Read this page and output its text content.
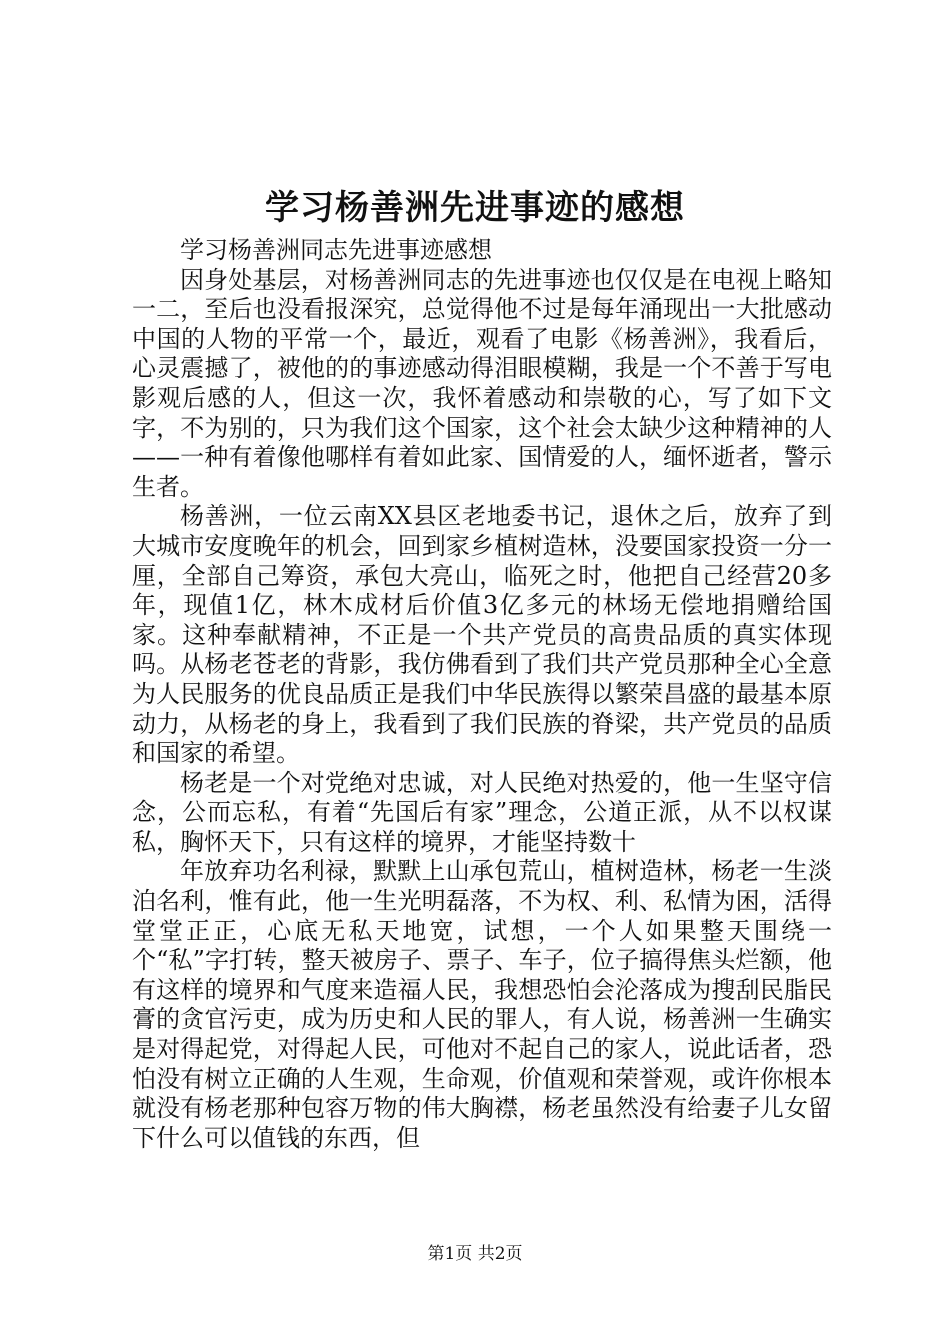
学习杨善洲先进事迹的感想

学习杨善洲同志先进事迹感想

因身处基层，对杨善洲同志的先进事迹也仅仅是在电视上略知一二，至后也没看报深究，总觉得他不过是每年涌现出一大批感动中国的人物的平常一个，最近，观看了电影《杨善洲》，我看后，心灵震撼了，被他的的事迹感动得泪眼模糊，我是一个不善于写电影观后感的人，但这一次，我怀着感动和崇敬的心，写了如下文字，不为别的，只为我们这个国家，这个社会太缺少这种精神的人——一种有着像他哪样有着如此家、国情爱的人，缅怀逝者，警示生者。

杨善洲，一位云南XX县区老地委书记，退休之后，放弃了到大城市安度晚年的机会，回到家乡植树造林，没要国家投资一分一厘，全部自己筹资，承包大亮山，临死之时，他把自己经营20多年，现值1亿，林木成材后价值3亿多元的林场无偿地捐赠给国家。这种奉献精神，不正是一个共产党员的高贵品质的真实体现吗。从杨老苍老的背影，我仿佛看到了我们共产党员那种全心全意为人民服务的优良品质正是我们中华民族得以繁荣昌盛的最基本原动力，从杨老的身上，我看到了我们民族的脊梁，共产党员的品质和国家的希望。

杨老是一个对党绝对忠诚，对人民绝对热爱的，他一生坚守信念，公而忘私，有着“先国后有家”理念，公道正派，从不以权谋私，胸怀天下，只有这样的境界，才能坚持数十

年放弃功名利禄，默默上山承包荒山，植树造林，杨老一生淡泊名利，惟有此，他一生光明磊落，不为权、利、私情为困，活得堂堂正正，心底无私天地宽，试想，一个人如果整天围绕一个“私”字打转，整天被房子、票子、车子，位子搞得焦头烂额，他有这样的境界和气度来造福人民，我想恐怕会沦落成为搜刮民脂民膏的贪官污吏，成为历史和人民的罪人，有人说，杨善洲一生确实是对得起党，对得起人民，可他对不起自己的家人，说此话者，恐怕没有树立正确的人生观，生命观，价值观和荣誉观，或许你根本就没有杨老那种包容万物的伟大胸襟，杨老虽然没有给妻子儿女留下什么可以值钱的东西，但

第1页 共2页
